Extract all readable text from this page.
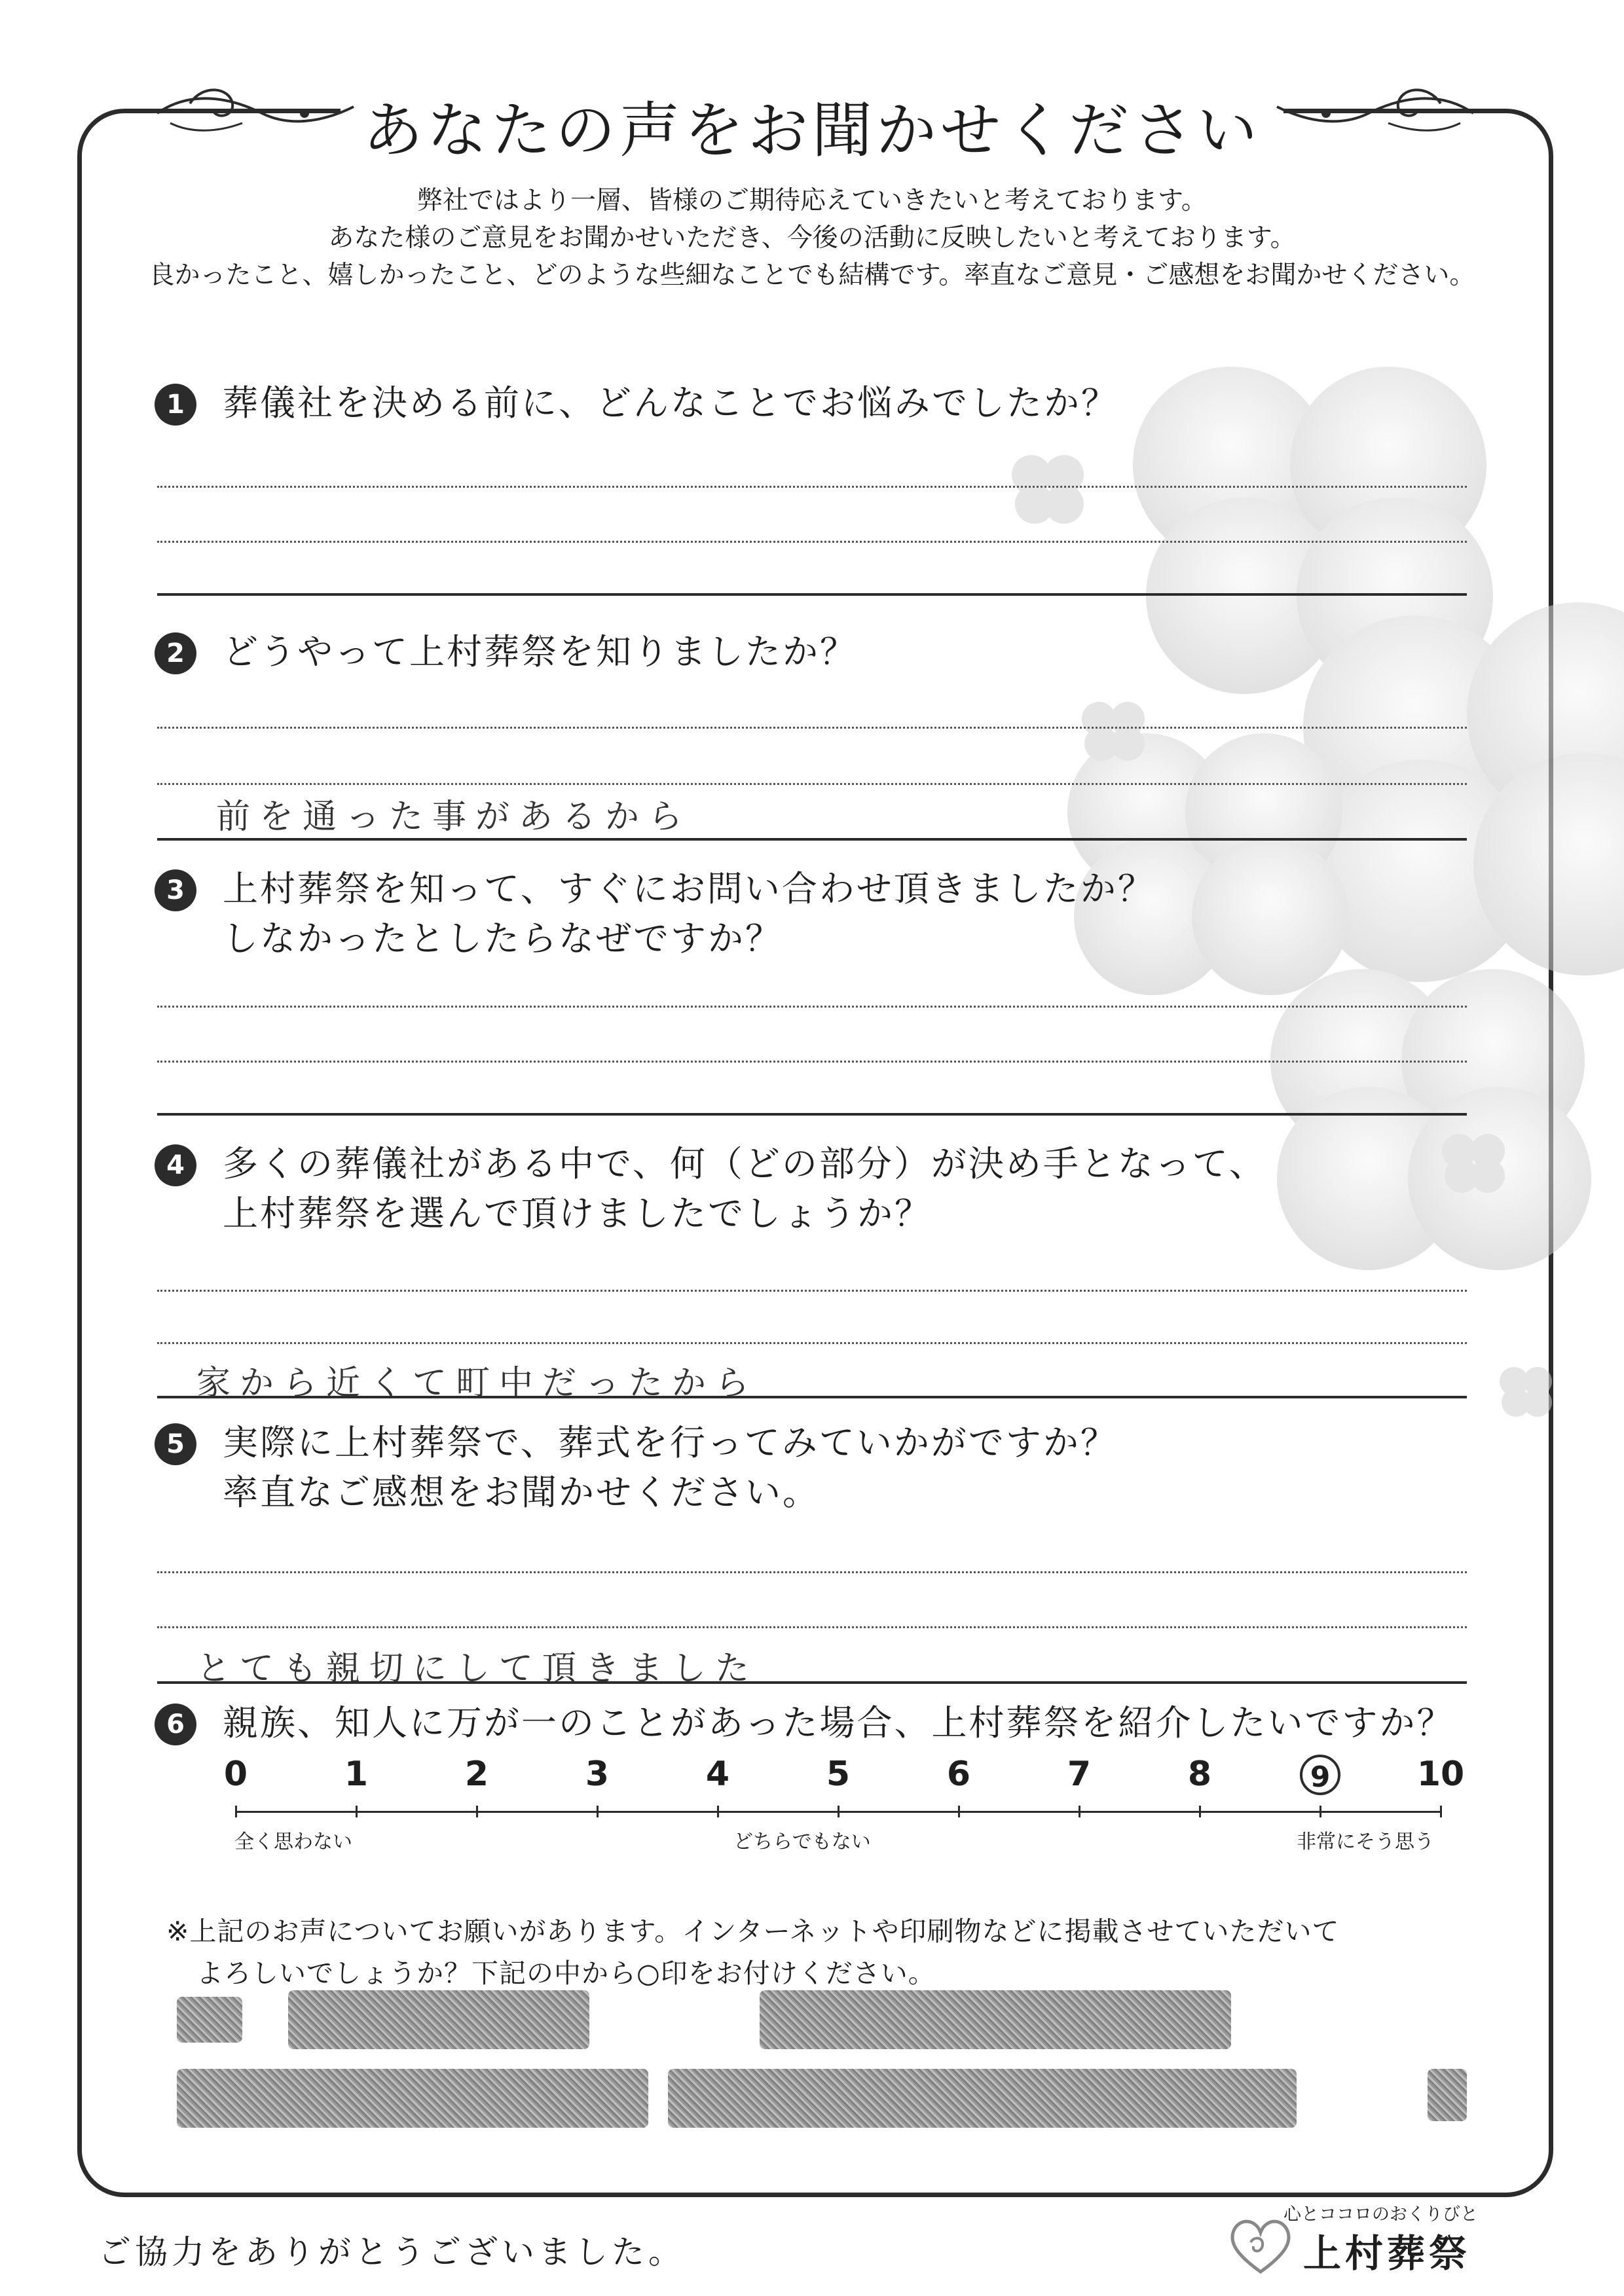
あなたの声をお聞かせください
弊社ではより一層、皆様のご期待応えていきたいと考えております。
あなた様のご意見をお聞かせいただき、今後の活動に反映したいと考えております。
良かったこと、嬉しかったこと、どのような些細なことでも結構です。率直なご意見・ご感想をお聞かせください。
1	葬儀社を決める前に、どんなことでお悩みでしたか？
2	どうやって上村葬祭を知りましたか？
前を通った事があるから
3	上村葬祭を知って、すぐにお問い合わせ頂きましたか？
しなかったとしたらなぜですか？
4	多くの葬儀社がある中で、何（どの部分）が決め手となって、
上村葬祭を選んで頂けましたでしょうか？
家から近くて町中だったから
5	実際に上村葬祭で、葬式を行ってみていかがですか？
率直なご感想をお聞かせください。
とても親切にして頂きました
6	親族、知人に万が一のことがあった場合、上村葬祭を紹介したいですか？
0	1	2	3	4	5	6	7	8	9	10
全く思わない	どちらでもない	非常にそう思う
※上記のお声についてお願いがあります。インターネットや印刷物などに掲載させていただいて
よろしいでしょうか？下記の中から○印をお付けください。
ご協力をありがとうございました。
心とココロのおくりびと
上村葬祭
